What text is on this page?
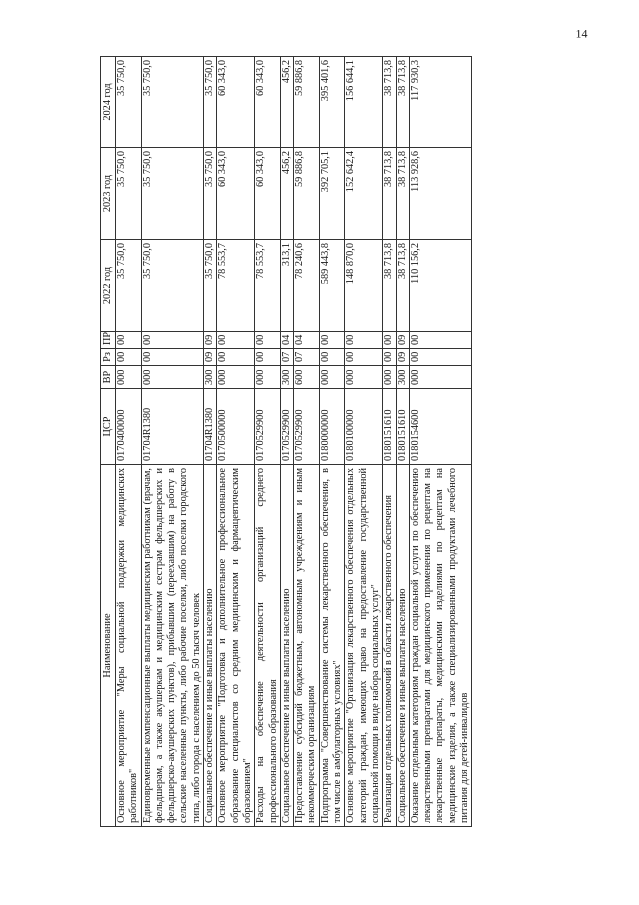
14
Наименование	ЦСР	ВР	Рз	ПР	2022 год	2023 год	2024 год
Основное мероприятие "Меры социальной поддержки медицинских работников"	0170400000	000	00	00	35 750,0	35 750,0	35 750,0
Единовременные компенсационные выплаты медицинским работникам (врачам, фельдшерам, а также акушеркам и медицинским сестрам фельдшерских и фельдшерско-акушерских пунктов), прибывшим (переехавшим) на работу в сельские населенные пункты, либо рабочие поселки, либо поселки городского типа, либо города с населением до 50 тысяч человек	01704R1380	000	00	00	35 750,0	35 750,0	35 750,0
Социальное обеспечение и иные выплаты населению	01704R1380	300	09	09	35 750,0	35 750,0	35 750,0
Основное мероприятие "Подготовка и дополнительное профессиональное образование специалистов со средним медицинским и фармацевтическим образованием"	0170500000	000	00	00	78 553,7	60 343,0	60 343,0
Расходы на обеспечение деятельности организаций среднего профессионального образования	0170529900	000	00	00	78 553,7	60 343,0	60 343,0
Социальное обеспечение и иные выплаты населению	0170529900	300	07	04	313,1	456,2	456,2
Предоставление субсидий бюджетным, автономным учреждениям и иным некоммерческим организациям	0170529900	600	07	04	78 240,6	59 886,8	59 886,8
Подпрограмма "Совершенствование системы лекарственного обеспечения, в том числе в амбулаторных условиях"	0180000000	000	00	00	589 443,8	392 705,1	395 401,6
Основное мероприятие "Организация лекарственного обеспечения отдельных категорий граждан, имеющих право на предоставление государственной социальной помощи в виде набора социальных услуг"	0180100000	000	00	00	148 870,0	152 642,4	156 644,1
Реализация отдельных полномочий в области лекарственного обеспечения	0180151610	000	00	00	38 713,8	38 713,8	38 713,8
Социальное обеспечение и иные выплаты населению	0180151610	300	09	09	38 713,8	38 713,8	38 713,8
Оказание отдельным категориям граждан социальной услуги по обеспечению лекарственными препаратами для медицинского применения по рецептам на лекарственные препараты, медицинскими изделиями по рецептам на медицинские изделия, а также специализированными продуктами лечебного питания для детей-инвалидов	0180154600	000	00	00	110 156,2	113 928,6	117 930,3
